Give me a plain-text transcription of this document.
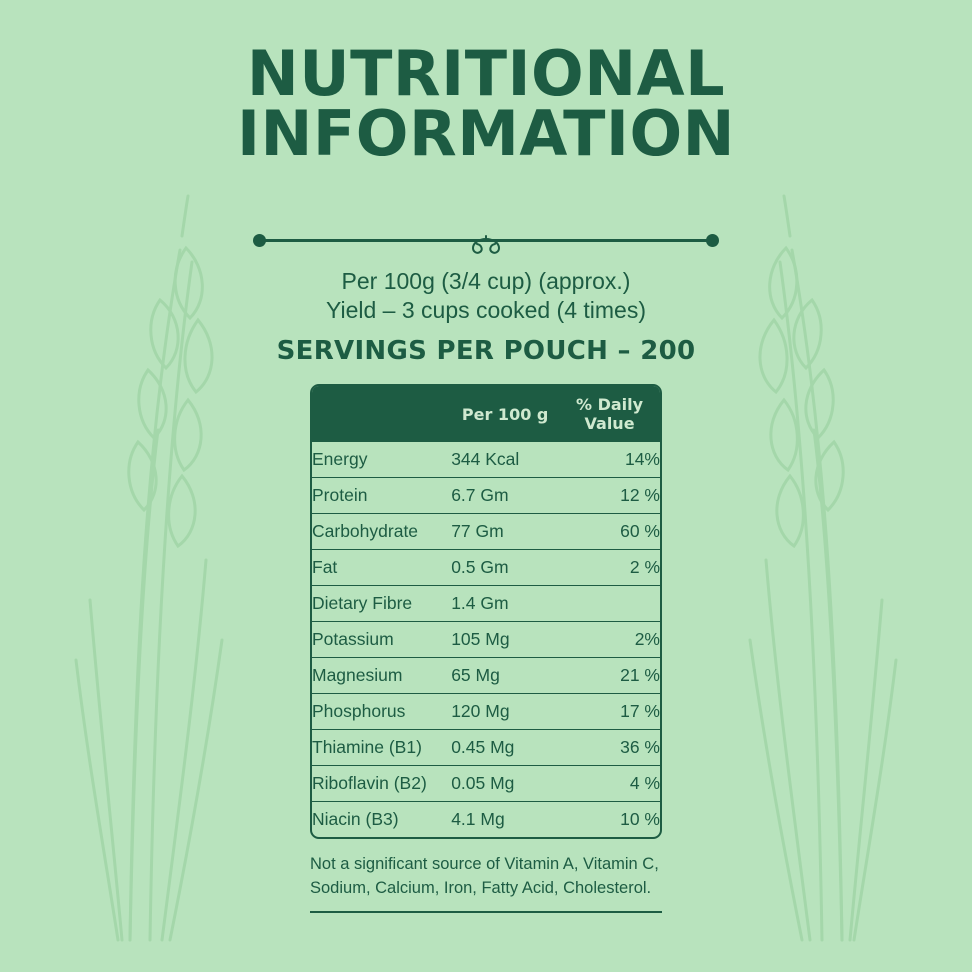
NUTRITIONAL
INFORMATION
Per 100g (3/4 cup) (approx.)
Yield – 3 cups cooked (4 times)
SERVINGS PER POUCH – 200
	Per 100 g	% Daily Value
Energy	344 Kcal	14%
Protein	6.7 Gm	12 %
Carbohydrate	77 Gm	60 %
Fat	0.5 Gm	2 %
Dietary Fibre	1.4 Gm	
Potassium	105 Mg	2%
Magnesium	65 Mg	21 %
Phosphorus	120 Mg	17 %
Thiamine (B1)	0.45 Mg	36 %
Riboflavin (B2)	0.05 Mg	4 %
Niacin (B3)	4.1 Mg	10 %
Not a significant source of Vitamin A, Vitamin C,
Sodium, Calcium, Iron, Fatty Acid, Cholesterol.
